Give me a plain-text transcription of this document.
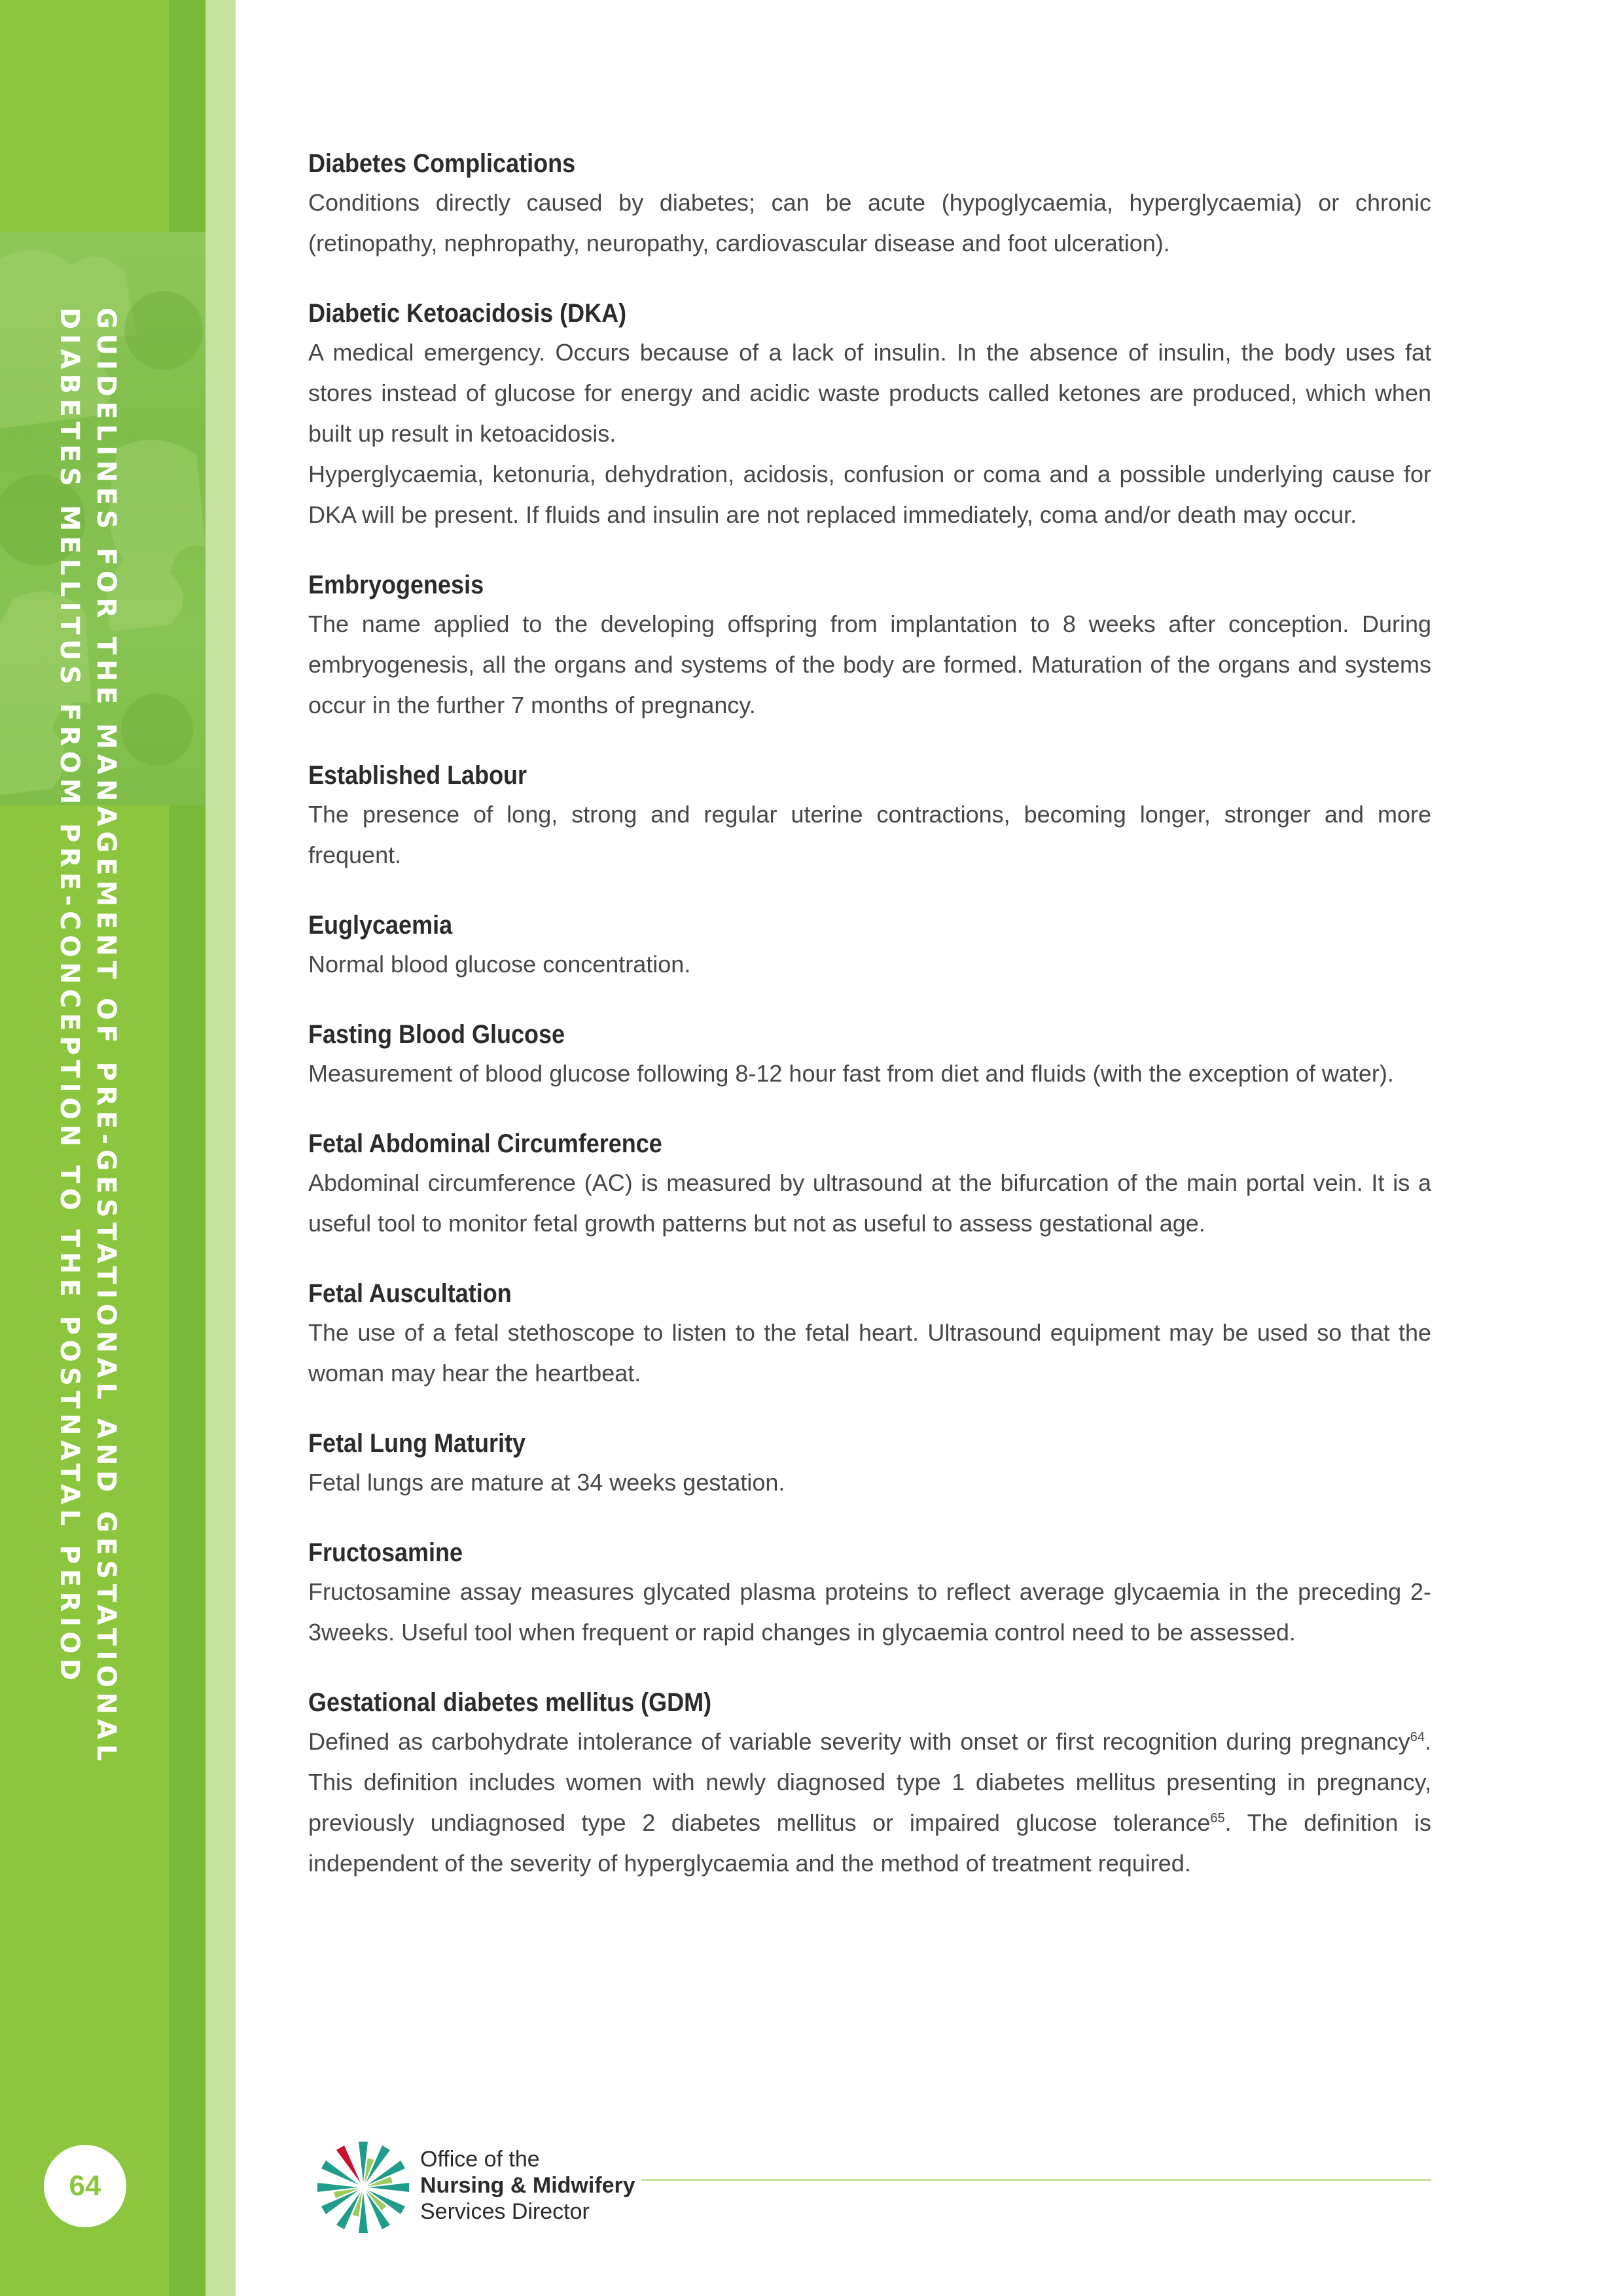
GUIDELINES FOR THE MANAGEMENT OF PRE-GESTATIONAL AND GESTATIONAL
DIABETES MELLITUS FROM PRE-CONCEPTION TO THE POSTNATAL PERIOD
64
Diabetes Complications

Conditions directly caused by diabetes; can be acute (hypoglycaemia, hyperglycaemia) or chronic (retinopathy, nephropathy, neuropathy, cardiovascular disease and foot ulceration).

Diabetic Ketoacidosis (DKA)

A medical emergency. Occurs because of a lack of insulin. In the absence of insulin, the body uses fat stores instead of glucose for energy and acidic waste products called ketones are produced, which when built up result in ketoacidosis.

Hyperglycaemia, ketonuria, dehydration, acidosis, confusion or coma and a possible underlying cause for DKA will be present. If fluids and insulin are not replaced immediately, coma and/or death may occur.

Embryogenesis

The name applied to the developing offspring from implantation to 8 weeks after conception. During embryogenesis, all the organs and systems of the body are formed. Maturation of the organs and systems occur in the further 7 months of pregnancy.

Established Labour

The presence of long, strong and regular uterine contractions, becoming longer, stronger and more frequent.

Euglycaemia

Normal blood glucose concentration.

Fasting Blood Glucose

Measurement of blood glucose following 8-12 hour fast from diet and fluids (with the exception of water).

Fetal Abdominal Circumference

Abdominal circumference (AC) is measured by ultrasound at the bifurcation of the main portal vein. It is a useful tool to monitor fetal growth patterns but not as useful to assess gestational age.

Fetal Auscultation

The use of a fetal stethoscope to listen to the fetal heart. Ultrasound equipment may be used so that the woman may hear the heartbeat.

Fetal Lung Maturity

Fetal lungs are mature at 34 weeks gestation.

Fructosamine

Fructosamine assay measures glycated plasma proteins to reflect average glycaemia in the preceding 2-3weeks. Useful tool when frequent or rapid changes in glycaemia control need to be assessed.

Gestational diabetes mellitus (GDM)

Defined as carbohydrate intolerance of variable severity with onset or first recognition during pregnancy$^{64}$. This definition includes women with newly diagnosed type 1 diabetes mellitus presenting in pregnancy, previously undiagnosed type 2 diabetes mellitus or impaired glucose tolerance$^{65}$. The definition is independent of the severity of hyperglycaemia and the method of treatment required.

Office of the
Nursing & Midwifery
Services Director
